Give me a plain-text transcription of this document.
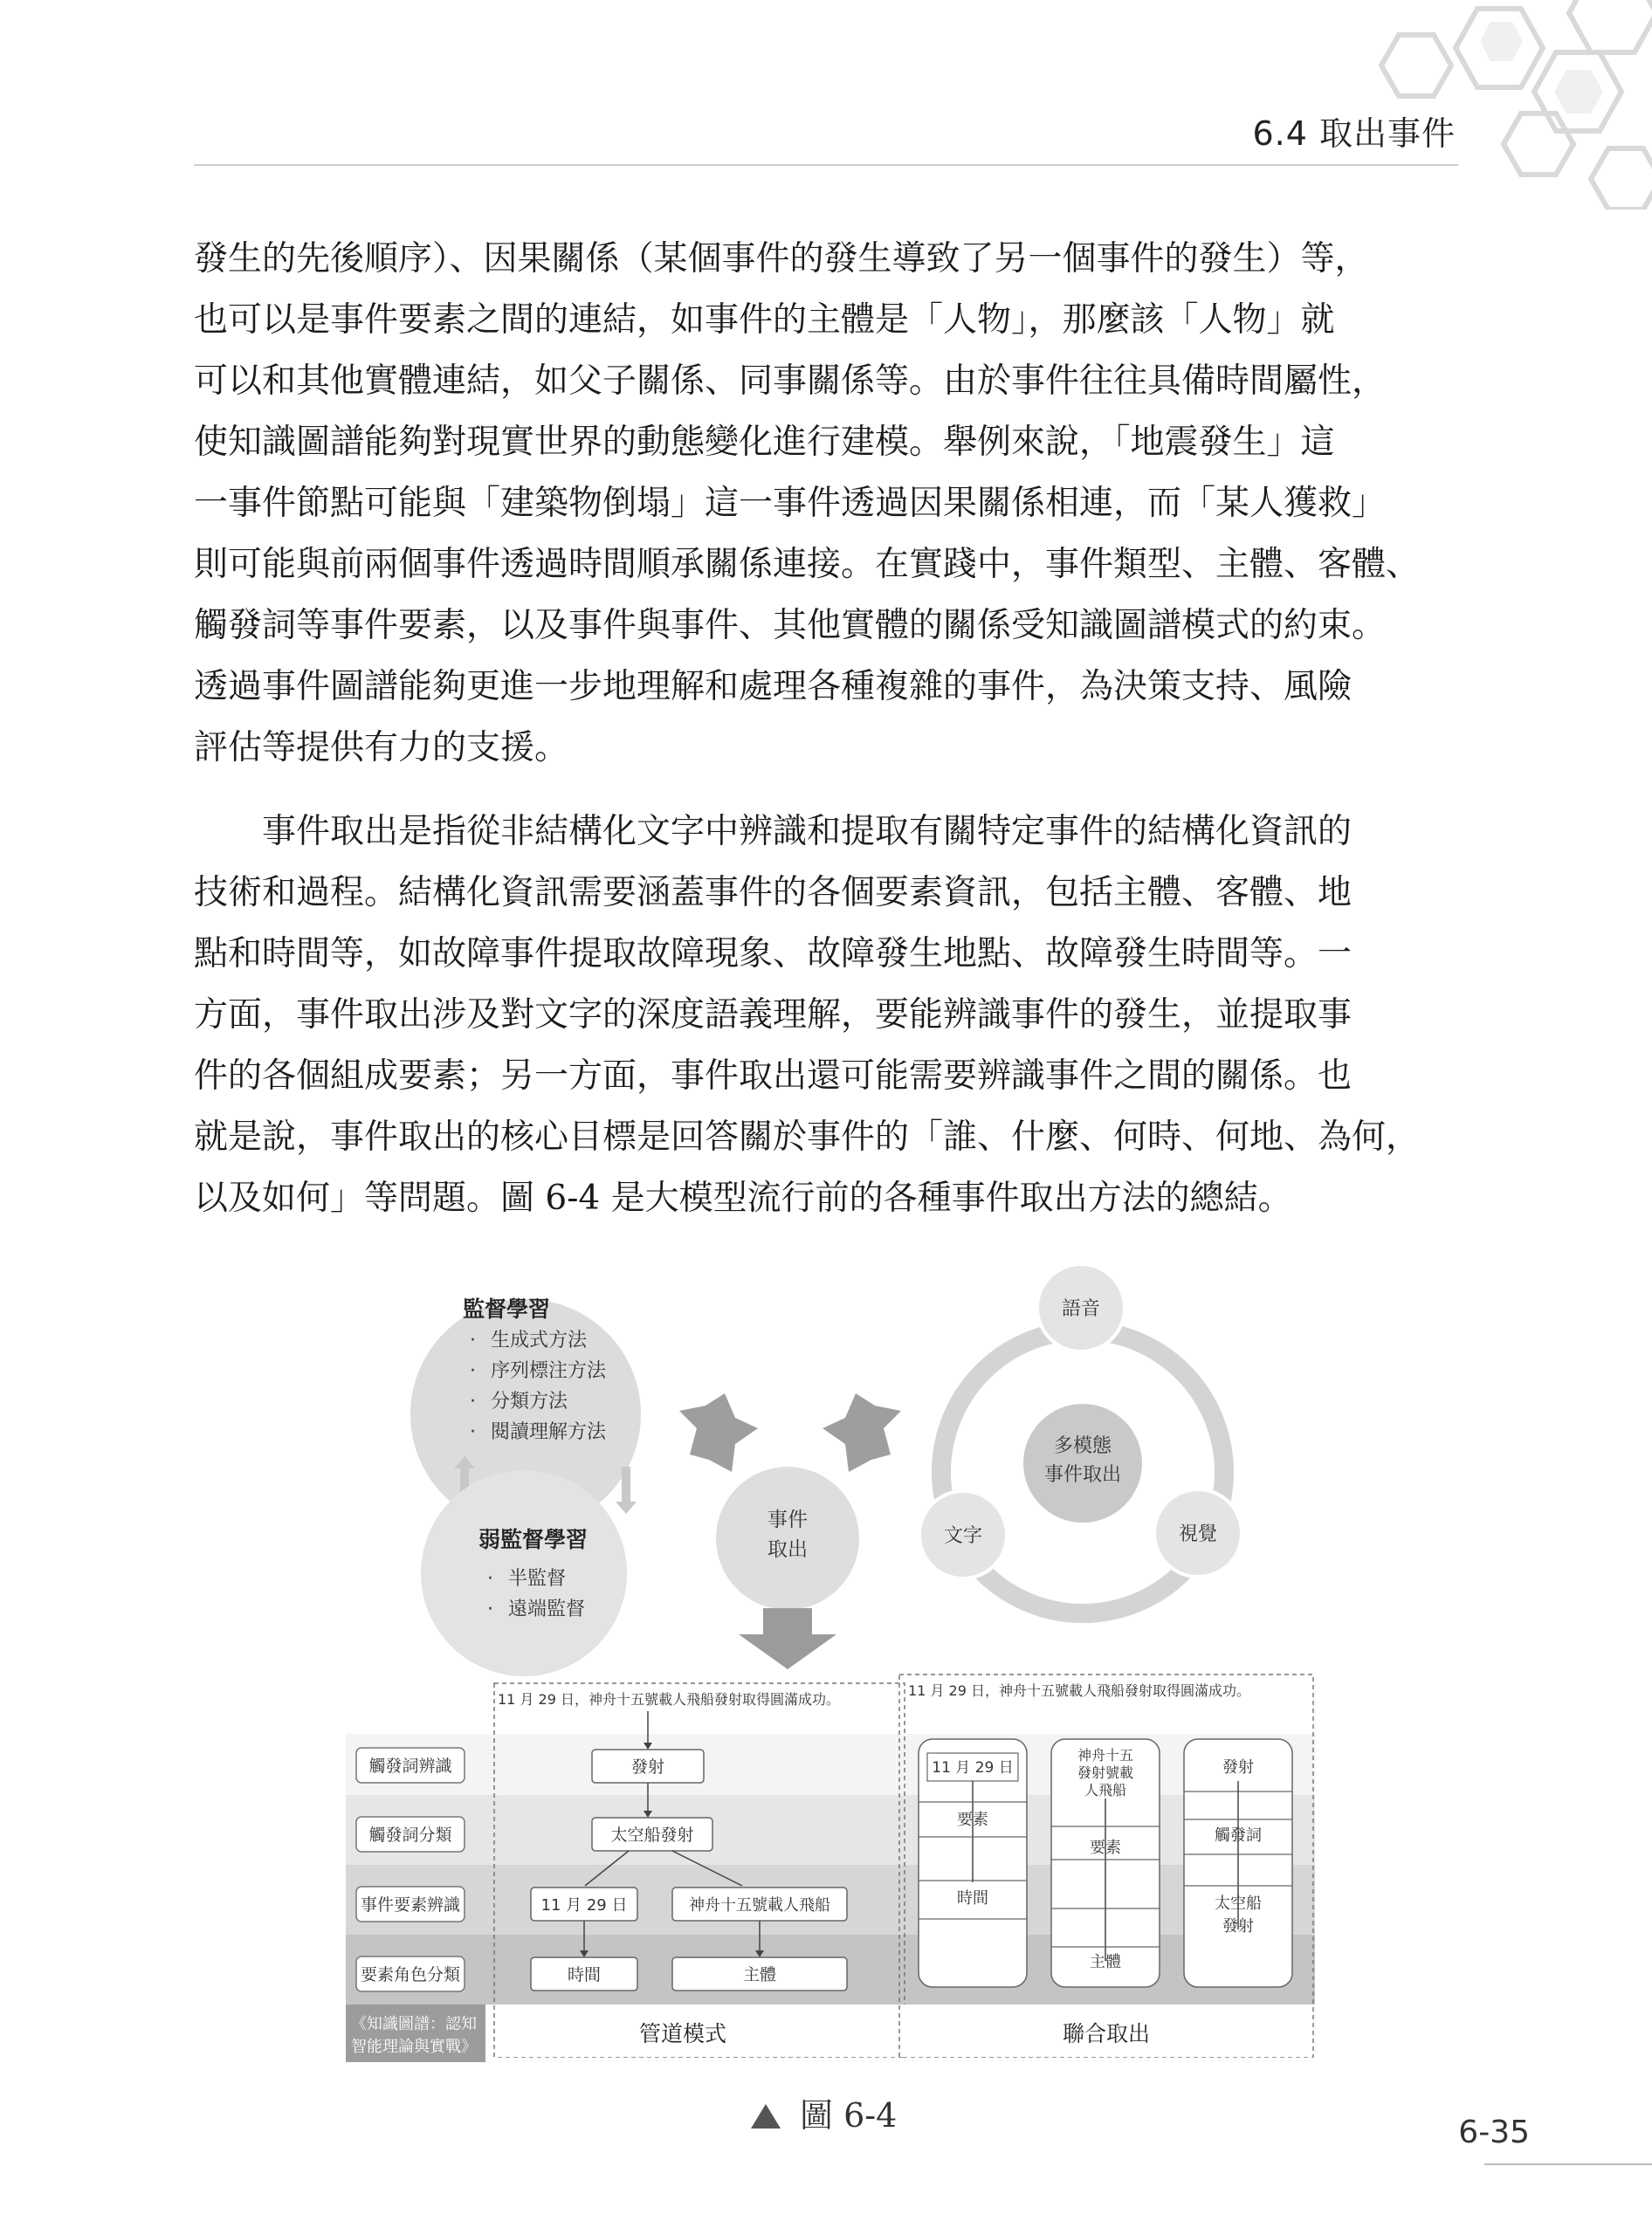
6.4 取出事件
發生的先後順序）、因果關係（某個事件的發生導致了另一個事件的發生）等，
也可以是事件要素之間的連結，如事件的主體是「人物」，那麼該「人物」就
可以和其他實體連結，如父子關係、同事關係等。由於事件往往具備時間屬性，
使知識圖譜能夠對現實世界的動態變化進行建模。舉例來說，「地震發生」這
一事件節點可能與「建築物倒塌」這一事件透過因果關係相連，而「某人獲救」
則可能與前兩個事件透過時間順承關係連接。在實踐中，事件類型、主體、客體、
觸發詞等事件要素，以及事件與事件、其他實體的關係受知識圖譜模式的約束。
透過事件圖譜能夠更進一步地理解和處理各種複雜的事件，為決策支持、風險
評估等提供有力的支援。
事件取出是指從非結構化文字中辨識和提取有關特定事件的結構化資訊的
技術和過程。結構化資訊需要涵蓋事件的各個要素資訊，包括主體、客體、地
點和時間等，如故障事件提取故障現象、故障發生地點、故障發生時間等。一
方面，事件取出涉及對文字的深度語義理解，要能辨識事件的發生，並提取事
件的各個組成要素；另一方面，事件取出還可能需要辨識事件之間的關係。也
就是說，事件取出的核心目標是回答關於事件的「誰、什麼、何時、何地、為何，
以及如何」等問題。圖 6-4 是大模型流行前的各種事件取出方法的總結。
監督學習
· 生成式方法
· 序列標注方法
· 分類方法
· 閱讀理解方法
弱監督學習
· 半監督
· 遠端監督
事件
取出
多模態
事件取出
語音
文字	視覺
觸發詞辨識
觸發詞分類
事件要素辨識
要素角色分類
《知識圖譜：認知
智能理論與實戰》
11 月 29 日，神舟十五號載人飛船發射取得圓滿成功。
發射
太空船發射
11 月 29 日	神舟十五號載人飛船
時間	主體
管道模式
11 月 29 日，神舟十五號載人飛船發射取得圓滿成功。
11 月 29 日
要素
時間
神舟十五
發射號載
人飛船
要素
主體
發射
觸發詞
太空船
發射
聯合取出
圖 6-4	6-35
